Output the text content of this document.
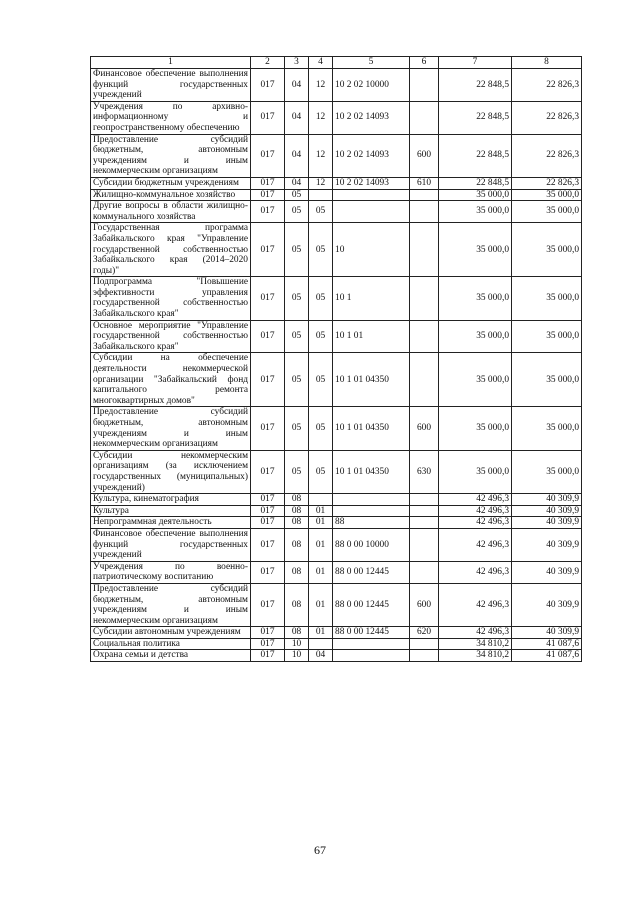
1	2	3	4	5	6	7	8
Финансовое обеспечение выполнения функций государственных учреждений	017	04	12	10 2 02 10000		22 848,5	22 826,3
Учреждения по архивно-информационному и геопространственному обеспечению	017	04	12	10 2 02 14093		22 848,5	22 826,3
Предоставление субсидий бюджетным, автономным учреждениям и иным некоммерческим организациям	017	04	12	10 2 02 14093	600	22 848,5	22 826,3
Субсидии бюджетным учреждениям	017	04	12	10 2 02 14093	610	22 848,5	22 826,3
Жилищно-коммунальное хозяйство	017	05				35 000,0	35 000,0
Другие вопросы в области жилищно-коммунального хозяйства	017	05	05			35 000,0	35 000,0
Государственная программа Забайкальского края "Управление государственной собственностью Забайкальского края (2014–2020 годы)"	017	05	05	10		35 000,0	35 000,0
Подпрограмма "Повышение эффективности управления государственной собственностью Забайкальского края"	017	05	05	10 1		35 000,0	35 000,0
Основное мероприятие "Управление государственной собственностью Забайкальского края"	017	05	05	10 1 01		35 000,0	35 000,0
Субсидии на обеспечение деятельности некоммерческой организации "Забайкальский фонд капитального ремонта многоквартирных домов"	017	05	05	10 1 01 04350		35 000,0	35 000,0
Предоставление субсидий бюджетным, автономным учреждениям и иным некоммерческим организациям	017	05	05	10 1 01 04350	600	35 000,0	35 000,0
Субсидии некоммерческим организациям (за исключением государственных (муниципальных) учреждений)	017	05	05	10 1 01 04350	630	35 000,0	35 000,0
Культура, кинематография	017	08				42 496,3	40 309,9
Культура	017	08	01			42 496,3	40 309,9
Непрограммная деятельность	017	08	01	88		42 496,3	40 309,9
Финансовое обеспечение выполнения функций государственных учреждений	017	08	01	88 0 00 10000		42 496,3	40 309,9
Учреждения по военно-патриотическому воспитанию	017	08	01	88 0 00 12445		42 496,3	40 309,9
Предоставление субсидий бюджетным, автономным учреждениям и иным некоммерческим организациям	017	08	01	88 0 00 12445	600	42 496,3	40 309,9
Субсидии автономным учреждениям	017	08	01	88 0 00 12445	620	42 496,3	40 309,9
Социальная политика	017	10				34 810,2	41 087,6
Охрана семьи и детства	017	10	04			34 810,2	41 087,6
67
